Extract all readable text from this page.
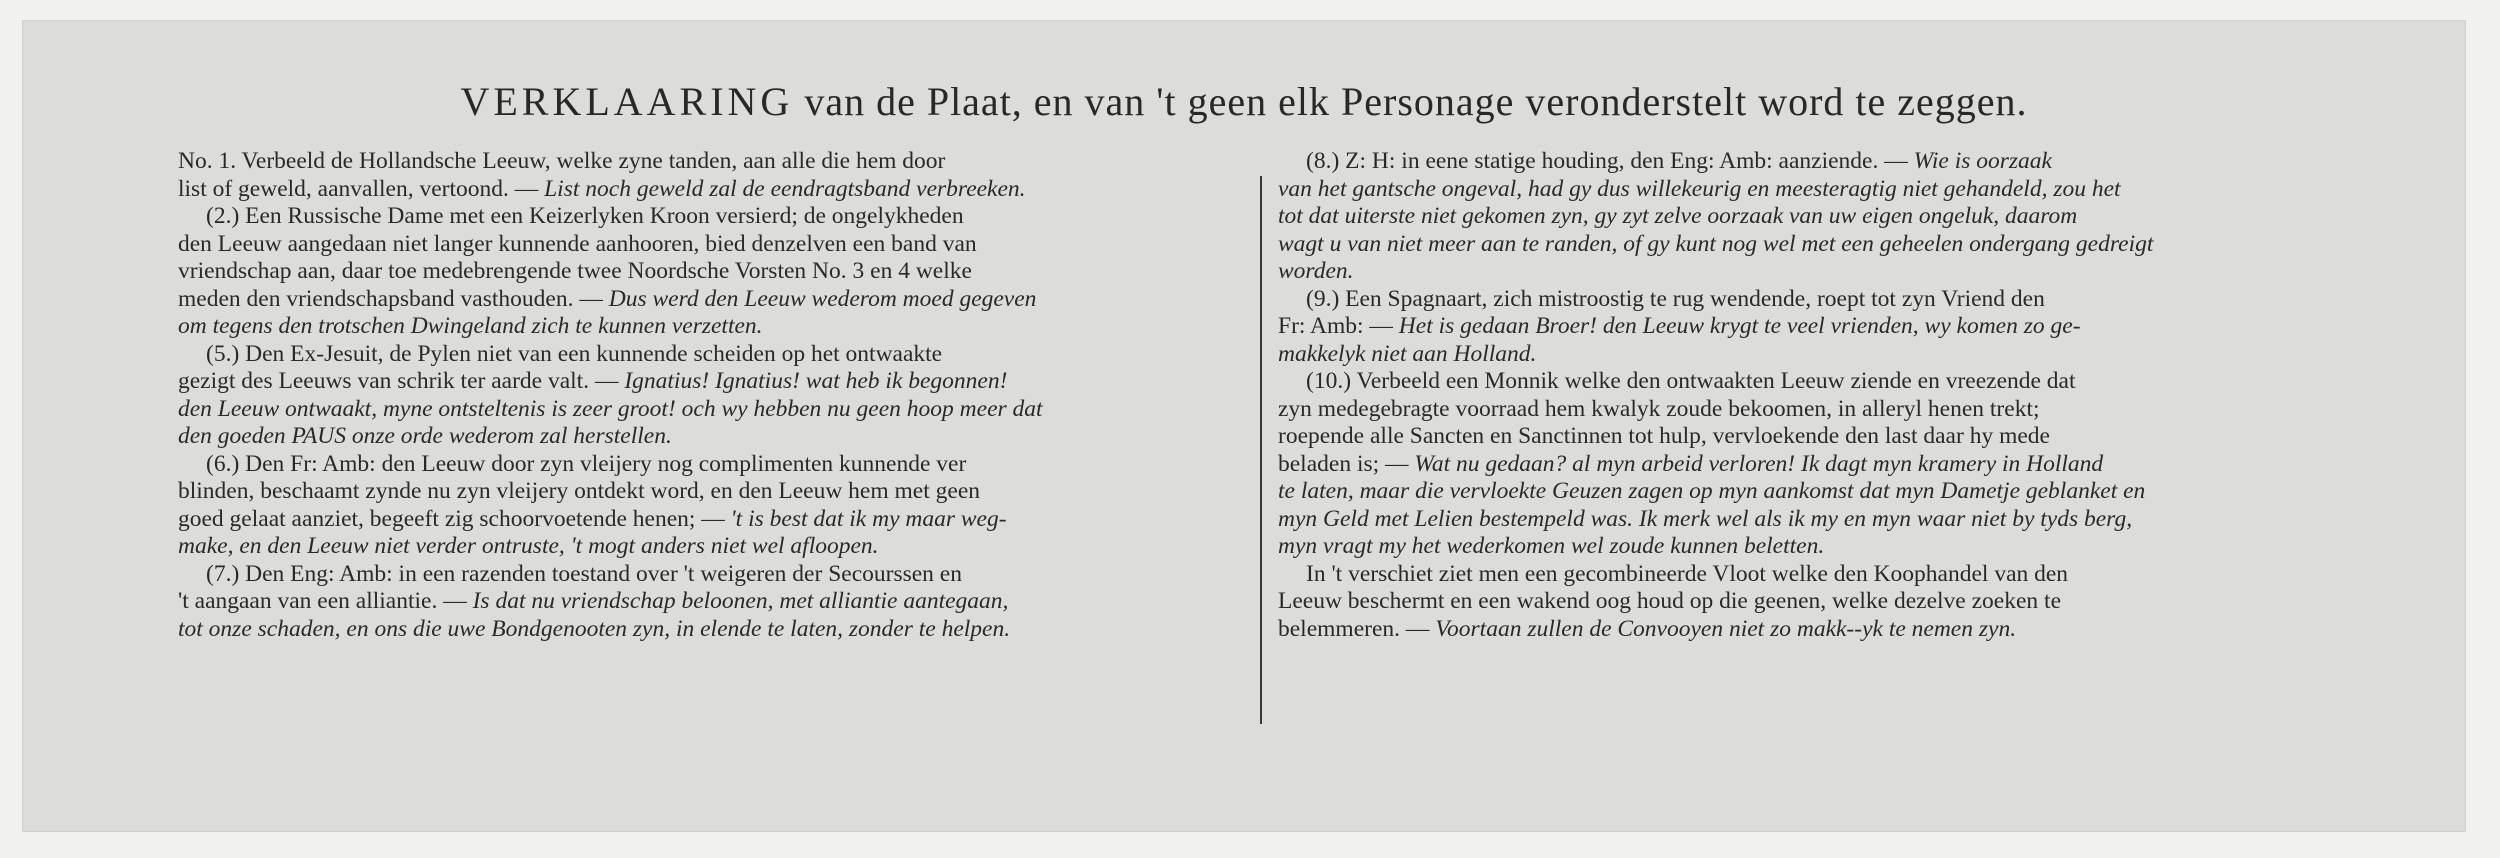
VERKLAARING van de Plaat, en van 't geen elk Personage veronderstelt word te zeggen.
No. 1. Verbeeld de Hollandsche Leeuw, welke zyne tanden, aan alle die hem door
list of geweld, aanvallen, vertoond. — List noch geweld zal de eendragtsband verbreeken.
(2.) Een Russische Dame met een Keizerlyken Kroon versierd; de ongelykheden
den Leeuw aangedaan niet langer kunnende aanhooren, bied denzelven een band van
vriendschap aan, daar toe medebrengende twee Noordsche Vorsten No. 3 en 4 welke
meden den vriendschapsband vasthouden. — Dus werd den Leeuw wederom moed gegeven
om tegens den trotschen Dwingeland zich te kunnen verzetten.
(5.) Den Ex-Jesuit, de Pylen niet van een kunnende scheiden op het ontwaakte
gezigt des Leeuws van schrik ter aarde valt. — Ignatius! Ignatius! wat heb ik begonnen!
den Leeuw ontwaakt, myne ontsteltenis is zeer groot! och wy hebben nu geen hoop meer dat
den goeden PAUS onze orde wederom zal herstellen.
(6.) Den Fr: Amb: den Leeuw door zyn vleijery nog complimenten kunnende ver
blinden, beschaamt zynde nu zyn vleijery ontdekt word, en den Leeuw hem met geen
goed gelaat aanziet, begeeft zig schoorvoetende henen; — 't is best dat ik my maar weg-
make, en den Leeuw niet verder ontruste, 't mogt anders niet wel afloopen.
(7.) Den Eng: Amb: in een razenden toestand over 't weigeren der Secourssen en
't aangaan van een alliantie. — Is dat nu vriendschap beloonen, met alliantie aantegaan,
tot onze schaden, en ons die uwe Bondgenooten zyn, in elende te laten, zonder te helpen.
(8.) Z: H: in eene statige houding, den Eng: Amb: aanziende. — Wie is oorzaak
van het gantsche ongeval, had gy dus willekeurig en meesteragtig niet gehandeld, zou het
tot dat uiterste niet gekomen zyn, gy zyt zelve oorzaak van uw eigen ongeluk, daarom
wagt u van niet meer aan te randen, of gy kunt nog wel met een geheelen ondergang gedreigt
worden.
(9.) Een Spagnaart, zich mistroostig te rug wendende, roept tot zyn Vriend den
Fr: Amb: — Het is gedaan Broer! den Leeuw krygt te veel vrienden, wy komen zo ge-
makkelyk niet aan Holland.
(10.) Verbeeld een Monnik welke den ontwaakten Leeuw ziende en vreezende dat
zyn medegebragte voorraad hem kwalyk zoude bekoomen, in alleryl henen trekt;
roepende alle Sancten en Sanctinnen tot hulp, vervloekende den last daar hy mede
beladen is; — Wat nu gedaan? al myn arbeid verloren! Ik dagt myn kramery in Holland
te laten, maar die vervloekte Geuzen zagen op myn aankomst dat myn Dametje geblanket en
myn Geld met Lelien bestempeld was. Ik merk wel als ik my en myn waar niet by tyds berg,
myn vragt my het wederkomen wel zoude kunnen beletten.
In 't verschiet ziet men een gecombineerde Vloot welke den Koophandel van den
Leeuw beschermt en een wakend oog houd op die geenen, welke dezelve zoeken te
belemmeren. — Voortaan zullen de Convooyen niet zo makk--yk te nemen zyn.
